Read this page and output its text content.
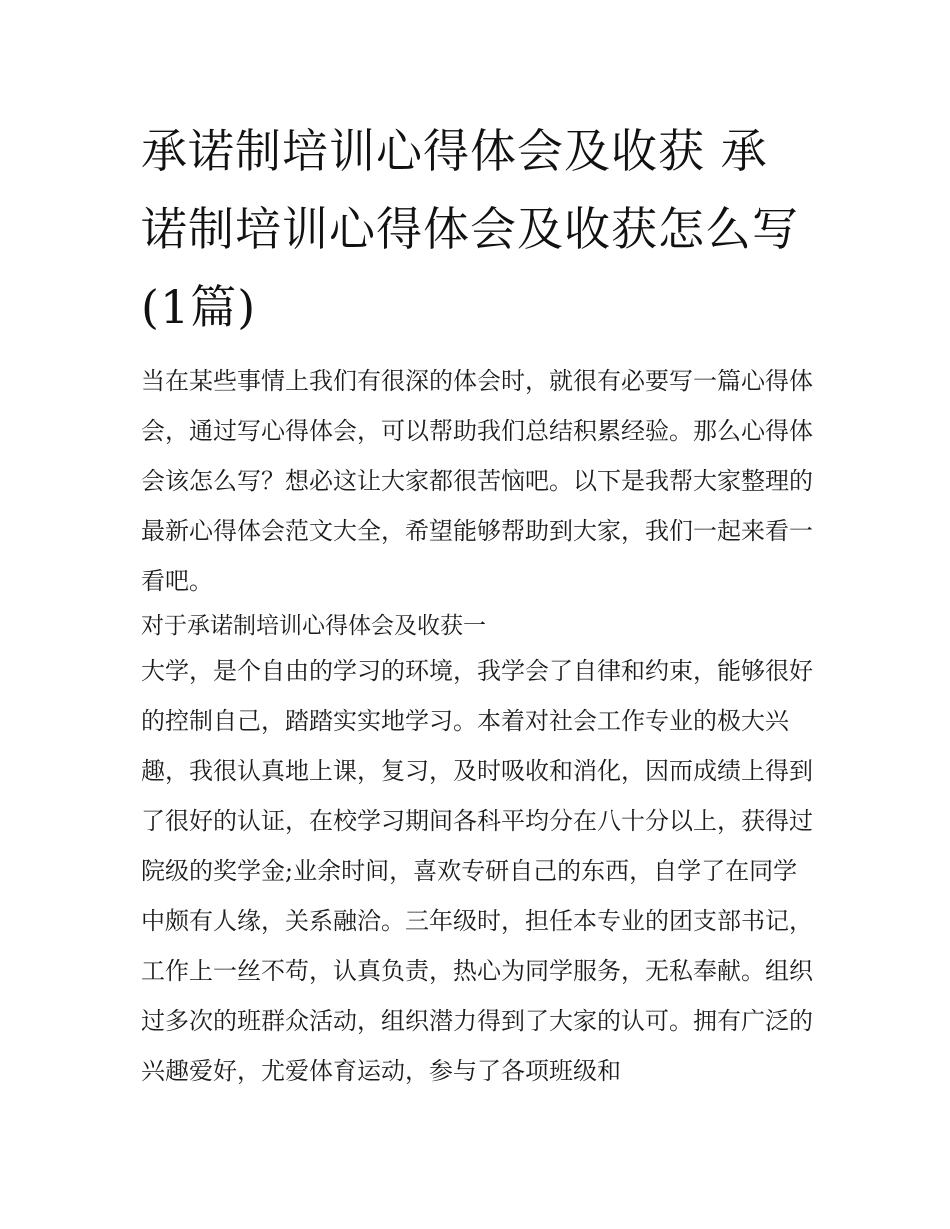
承诺制培训心得体会及收获 承诺制培训心得体会及收获怎么写(1篇)

当在某些事情上我们有很深的体会时，就很有必要写一篇心得体会，通过写心得体会，可以帮助我们总结积累经验。那么心得体会该怎么写？想必这让大家都很苦恼吧。以下是我帮大家整理的最新心得体会范文大全，希望能够帮助到大家，我们一起来看一看吧。

对于承诺制培训心得体会及收获一

大学，是个自由的学习的环境，我学会了自律和约束，能够很好的控制自己，踏踏实实地学习。本着对社会工作专业的极大兴趣，我很认真地上课，复习，及时吸收和消化，因而成绩上得到了很好的认证，在校学习期间各科平均分在八十分以上，获得过院级的奖学金;业余时间，喜欢专研自己的东西，自学了在同学中颇有人缘，关系融洽。三年级时，担任本专业的团支部书记，工作上一丝不苟，认真负责，热心为同学服务，无私奉献。组织过多次的班群众活动，组织潜力得到了大家的认可。拥有广泛的兴趣爱好，尤爱体育运动，参与了各项班级和
